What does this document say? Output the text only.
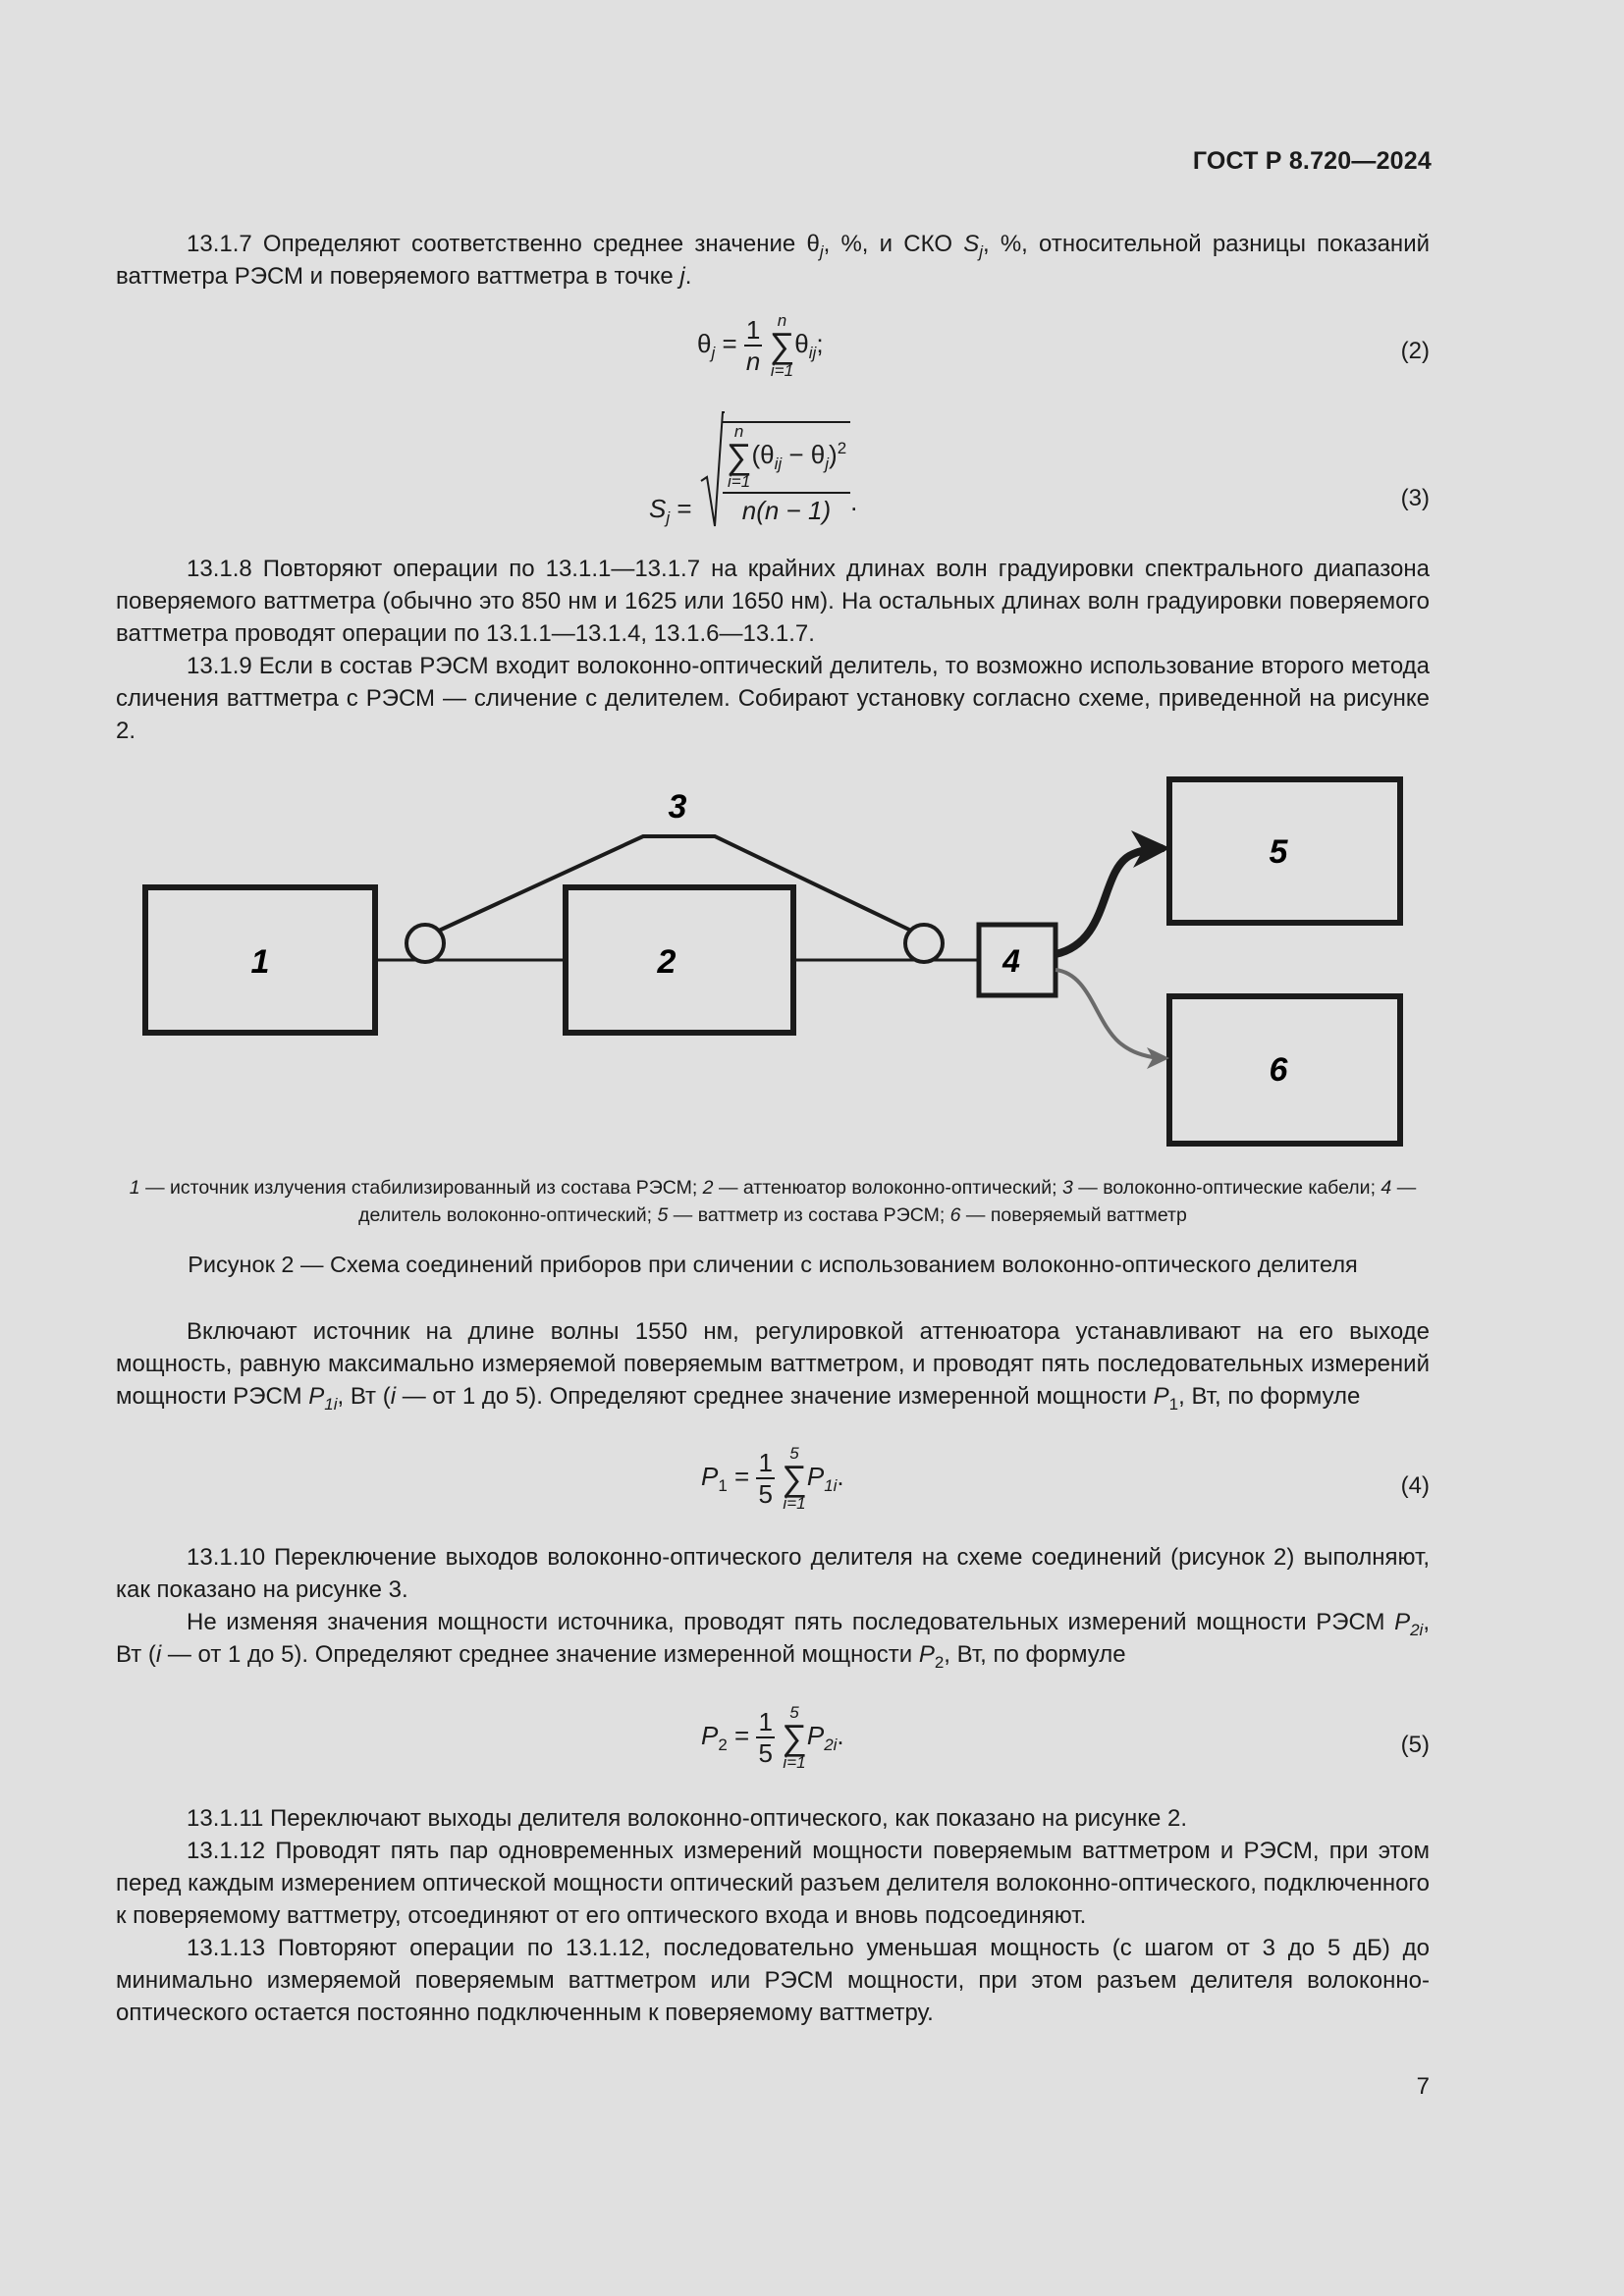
ГОСТ Р 8.720—2024

13.1.7 Определяют соответственно среднее значение $\theta_j$, %, и СКО $S_j$, %, относительной разницы показаний ваттметра РЭСМ и поверяемого ваттметра в точке j.

$\theta_j = \frac{1}{n}$
n
∑
i=1
$\theta_{ij}$;	(2)
$S_j$ =
n
∑
i=1
$(\theta_{ij} - \theta_j)^2$
n(n − 1) .	(3)

13.1.8 Повторяют операции по 13.1.1—13.1.7 на крайних длинах волн градуировки спектрального диапазона поверяемого ваттметра (обычно это 850 нм и 1625 или 1650 нм). На остальных длинах волн градуировки поверяемого ваттметра проводят операции по 13.1.1—13.1.4, 13.1.6—13.1.7.

13.1.9 Если в состав РЭСМ входит волоконно-оптический делитель, то возможно использование второго метода сличения ваттметра с РЭСМ — сличение с делителем. Собирают установку согласно схеме, приведенной на рисунке 2.

1	2
3
4
5
6
1 — источник излучения стабилизированный из состава РЭСМ; 2 — аттенюатор волоконно-оптический; 3 — волоконно-оптические кабели; 4 — делитель волоконно-оптический; 5 — ваттметр из состава РЭСМ; 6 — поверяемый ваттметр
Рисунок 2 — Схема соединений приборов при сличении с использованием волоконно-оптического делителя

Включают источник на длине волны 1550 нм, регулировкой аттенюатора устанавливают на его выходе мощность, равную максимально измеряемой поверяемым ваттметром, и проводят пять последовательных измерений мощности РЭСМ $P_{1i}$, Вт (i — от 1 до 5). Определяют среднее значение измеренной мощности $P_1$, Вт, по формуле

$P_1 = \frac{1}{5}$
5
∑
i=1
$P_{1i}$.	(4)

13.1.10 Переключение выходов волоконно-оптического делителя на схеме соединений (рисунок 2) выполняют, как показано на рисунке 3.

Не изменяя значения мощности источника, проводят пять последовательных измерений мощности РЭСМ $P_{2i}$, Вт (i — от 1 до 5). Определяют среднее значение измеренной мощности $P_2$, Вт, по формуле

$P_2 = \frac{1}{5}$
5
∑
i=1
$P_{2i}$.	(5)

13.1.11 Переключают выходы делителя волоконно-оптического, как показано на рисунке 2.

13.1.12 Проводят пять пар одновременных измерений мощности поверяемым ваттметром и РЭСМ, при этом перед каждым измерением оптической мощности оптический разъем делителя волоконно-оптического, подключенного к поверяемому ваттметру, отсоединяют от его оптического входа и вновь подсоединяют.

13.1.13 Повторяют операции по 13.1.12, последовательно уменьшая мощность (с шагом от 3 до 5 дБ) до минимально измеряемой поверяемым ваттметром или РЭСМ мощности, при этом разъем делителя волоконно-оптического остается постоянно подключенным к поверяемому ваттметру.

7
